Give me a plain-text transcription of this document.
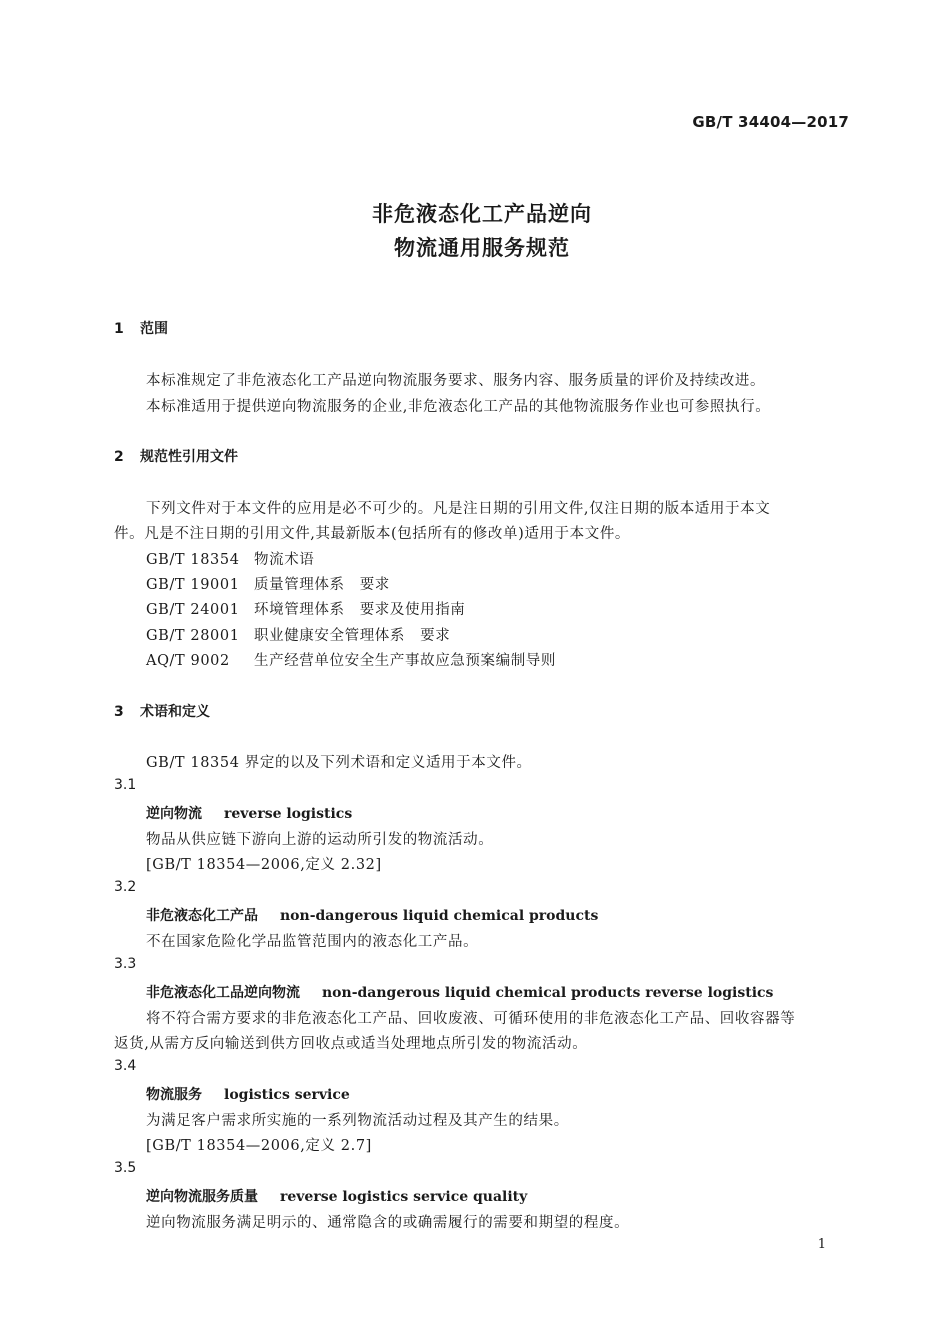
GB/T 34404—2017
非危液态化工产品逆向
物流通用服务规范
1 范围
本标准规定了非危液态化工产品逆向物流服务要求、服务内容、服务质量的评价及持续改进。
本标准适用于提供逆向物流服务的企业,非危液态化工产品的其他物流服务作业也可参照执行。
2 规范性引用文件
下列文件对于本文件的应用是必不可少的。凡是注日期的引用文件,仅注日期的版本适用于本文
件。凡是不注日期的引用文件,其最新版本(包括所有的修改单)适用于本文件。
GB/T 18354 物流术语
GB/T 19001 质量管理体系　要求
GB/T 24001 环境管理体系　要求及使用指南
GB/T 28001 职业健康安全管理体系　要求
AQ/T 9002 生产经营单位安全生产事故应急预案编制导则
3 术语和定义
GB/T 18354 界定的以及下列术语和定义适用于本文件。
3.1
逆向物流 reverse logistics
物品从供应链下游向上游的运动所引发的物流活动。
[GB/T 18354—2006,定义 2.32]
3.2
非危液态化工产品 non-dangerous liquid chemical products
不在国家危险化学品监管范围内的液态化工产品。
3.3
非危液态化工品逆向物流 non-dangerous liquid chemical products reverse logistics
将不符合需方要求的非危液态化工产品、回收废液、可循环使用的非危液态化工产品、回收容器等
返货,从需方反向输送到供方回收点或适当处理地点所引发的物流活动。
3.4
物流服务 logistics service
为满足客户需求所实施的一系列物流活动过程及其产生的结果。
[GB/T 18354—2006,定义 2.7]
3.5
逆向物流服务质量 reverse logistics service quality
逆向物流服务满足明示的、通常隐含的或确需履行的需要和期望的程度。
1
